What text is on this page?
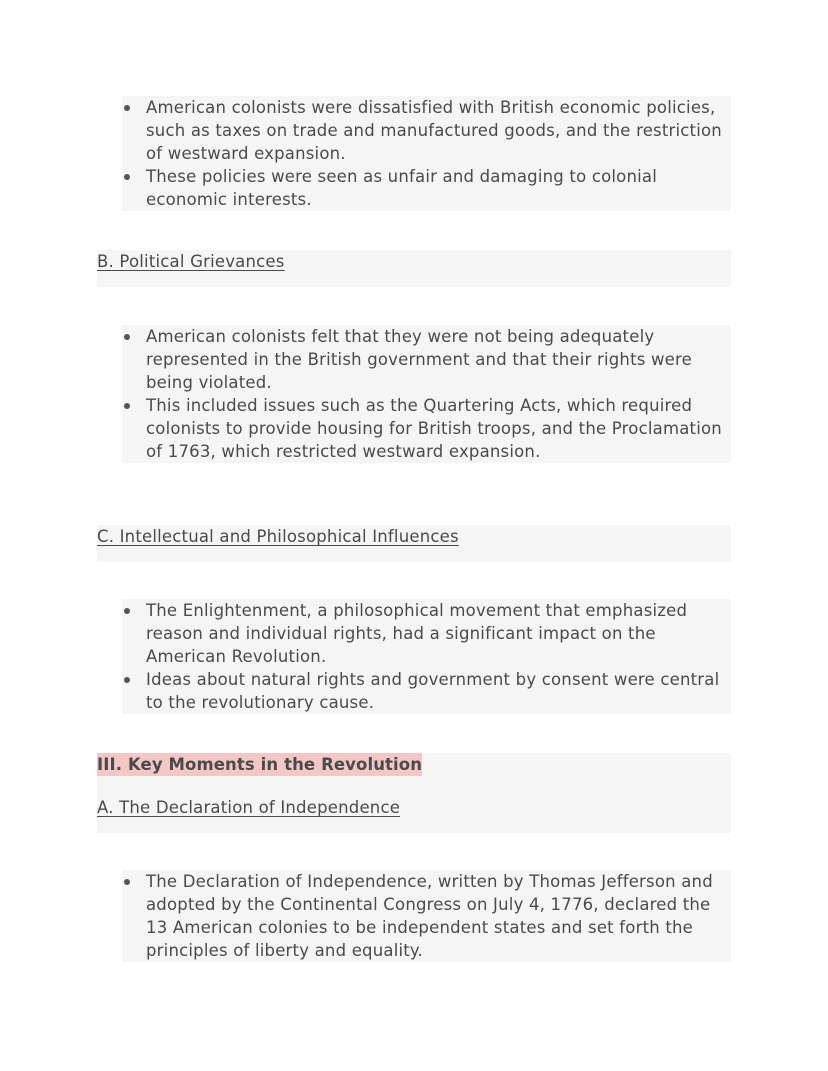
American colonists were dissatisfied with British economic policies, such as taxes on trade and manufactured goods, and the restriction of westward expansion.
These policies were seen as unfair and damaging to colonial economic interests.
B. Political Grievances
American colonists felt that they were not being adequately represented in the British government and that their rights were being violated.
This included issues such as the Quartering Acts, which required colonists to provide housing for British troops, and the Proclamation of 1763, which restricted westward expansion.
C. Intellectual and Philosophical Influences
The Enlightenment, a philosophical movement that emphasized reason and individual rights, had a significant impact on the American Revolution.
Ideas about natural rights and government by consent were central to the revolutionary cause.
III. Key Moments in the Revolution
A. The Declaration of Independence
The Declaration of Independence, written by Thomas Jefferson and adopted by the Continental Congress on July 4, 1776, declared the 13 American colonies to be independent states and set forth the principles of liberty and equality.
